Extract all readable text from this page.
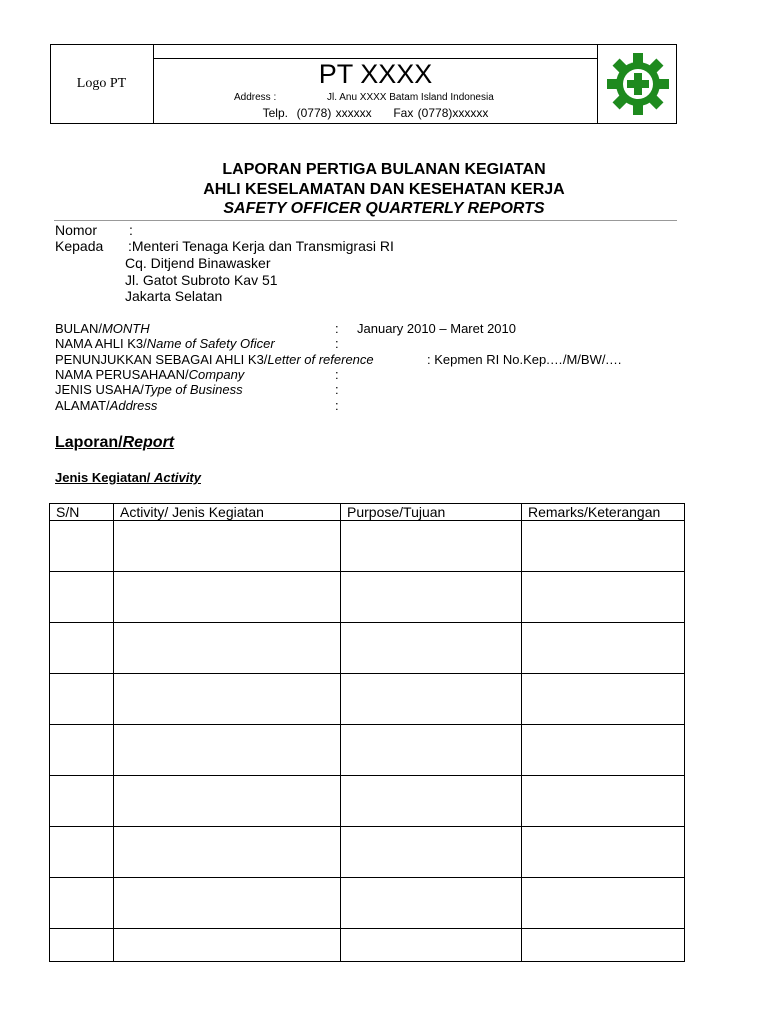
Logo PT	PT XXXX
Address :	Jl. Anu XXXX Batam Island Indonesia
Telp.  (0778) xxxxxx     Fax (0778)xxxxxx
LAPORAN PERTIGA BULANAN KEGIATAN
AHLI KESELAMATAN DAN KESEHATAN KERJA
SAFETY OFFICER QUARTERLY REPORTS
Nomor :
Kepada :Menteri Tenaga Kerja dan Transmigrasi RI
Cq. Ditjend Binawasker
Jl. Gatot Subroto Kav 51
Jakarta Selatan
BULAN/MONTH	: January 2010 – Maret 2010
NAMA AHLI K3/Name of Safety Oficer	:
PENUNJUKKAN SEBAGAI AHLI K3/Letter of reference	: Kepmen RI No.Kep.…/M/BW/.…
NAMA PERUSAHAAN/Company	:
JENIS USAHA/Type of Business	:
ALAMAT/Address	:
Laporan/Report
Jenis Kegiatan/ Activity
S/N	Activity/ Jenis Kegiatan	Purpose/Tujuan	Remarks/Keterangan
